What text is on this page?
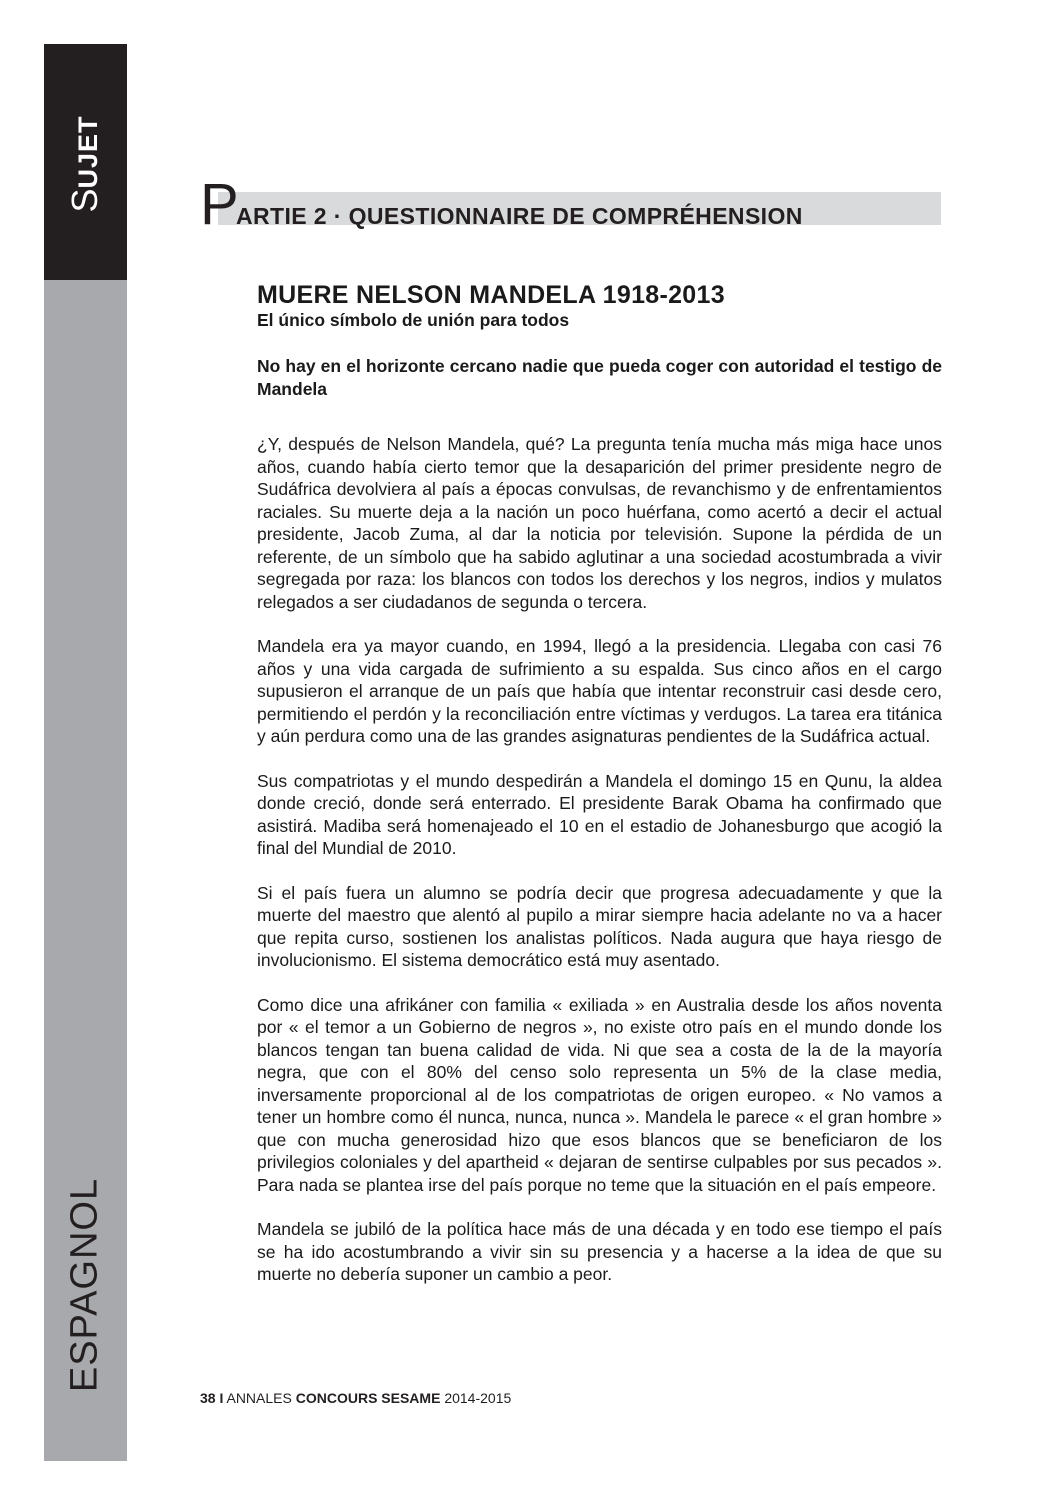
SUJET
ESPAGNOL
P
ARTIE 2 · QUESTIONNAIRE DE COMPRÉHENSION
MUERE NELSON MANDELA 1918-2013

El único símbolo de unión para todos

No hay en el horizonte cercano nadie que pueda coger con autoridad el testigo de Mandela

¿Y, después de Nelson Mandela, qué? La pregunta tenía mucha más miga hace unos años, cuando había cierto temor que la desaparición del primer presidente negro de Sudáfrica devolviera al país a épocas convulsas, de revanchismo y de enfrentamientos raciales. Su muerte deja a la nación un poco huérfana, como acertó a decir el actual presidente, Jacob Zuma, al dar la noticia por televisión. Supone la pérdida de un referente, de un símbolo que ha sabido aglutinar a una sociedad acostumbrada a vivir segregada por raza: los blancos con todos los derechos y los negros, indios y mulatos relegados a ser ciudadanos de segunda o tercera.

Mandela era ya mayor cuando, en 1994, llegó a la presidencia. Llegaba con casi 76 años y una vida cargada de sufrimiento a su espalda. Sus cinco años en el cargo supusieron el arranque de un país que había que intentar reconstruir casi desde cero, permitiendo el perdón y la reconciliación entre víctimas y verdugos. La tarea era titánica y aún perdura como una de las grandes asignaturas pendientes de la Sudáfrica actual.

Sus compatriotas y el mundo despedirán a Mandela el domingo 15 en Qunu, la aldea donde creció, donde será enterrado. El presidente Barak Obama ha confirmado que asistirá. Madiba será homenajeado el 10 en el estadio de Johanesburgo que acogió la final del Mundial de 2010.

Si el país fuera un alumno se podría decir que progresa adecuadamente y que la muerte del maestro que alentó al pupilo a mirar siempre hacia adelante no va a hacer que repita curso, sostienen los analistas políticos. Nada augura que haya riesgo de involucionismo. El sistema democrático está muy asentado.

Como dice una afrikáner con familia « exiliada » en Australia desde los años noventa por « el temor a un Gobierno de negros », no existe otro país en el mundo donde los blancos tengan tan buena calidad de vida. Ni que sea a costa de la de la mayoría negra, que con el 80% del censo solo representa un 5% de la clase media, inversamente proporcional al de los compatriotas de origen europeo. « No vamos a tener un hombre como él nunca, nunca, nunca ». Mandela le parece « el gran hombre » que con mucha generosidad hizo que esos blancos que se beneficiaron de los privilegios coloniales y del apartheid « dejaran de sentirse culpables por sus pecados ». Para nada se plantea irse del país porque no teme que la situación en el país empeore.

Mandela se jubiló de la política hace más de una década y en todo ese tiempo el país se ha ido acostumbrando a vivir sin su presencia y a hacerse a la idea de que su muerte no debería suponer un cambio a peor.

38 I ANNALES CONCOURS SESAME 2014-2015
